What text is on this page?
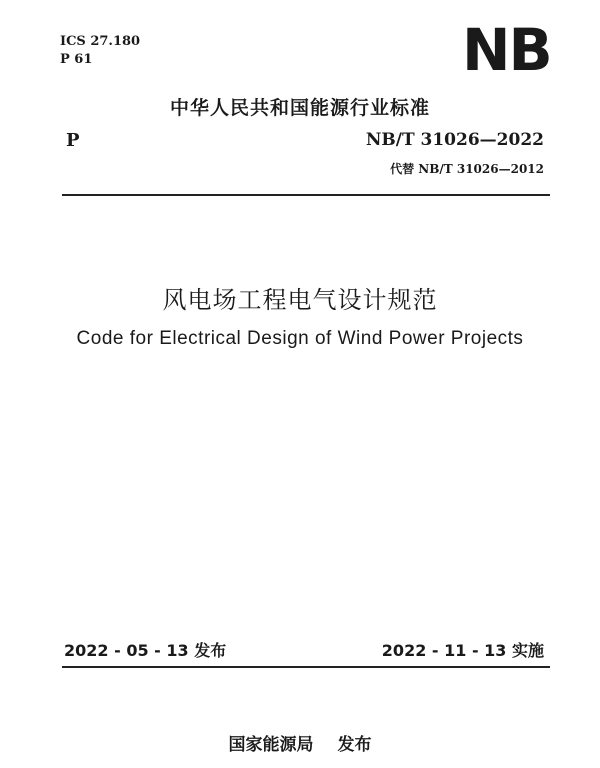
ICS 27.180
P 61	NB
中华人民共和国能源行业标准
P	NB/T 31026—2022
代替 NB/T 31026—2012
风电场工程电气设计规范
Code for Electrical Design of Wind Power Projects
2022 - 05 - 13 发布	2022 - 11 - 13 实施
国家能源局 发布
